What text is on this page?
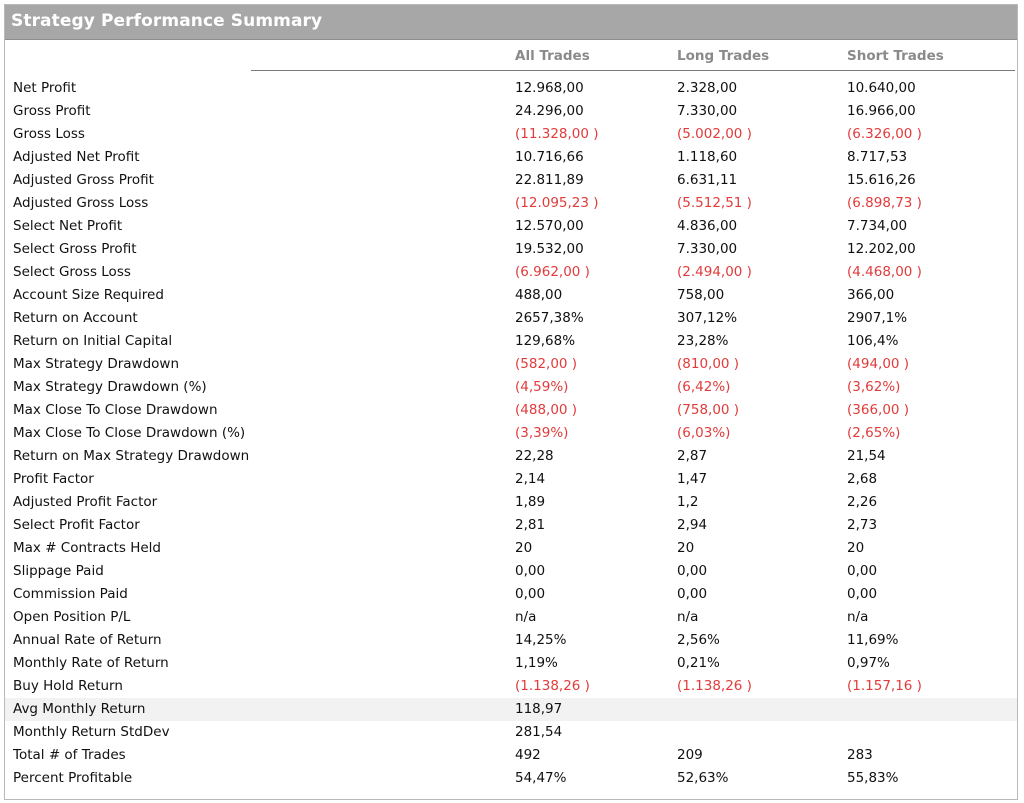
Strategy Performance Summary
All Trades	Long Trades	Short Trades
Net Profit	12.968,00	2.328,00	10.640,00
Gross Profit	24.296,00	7.330,00	16.966,00
Gross Loss	(11.328,00 )	(5.002,00 )	(6.326,00 )
Adjusted Net Profit	10.716,66	1.118,60	8.717,53
Adjusted Gross Profit	22.811,89	6.631,11	15.616,26
Adjusted Gross Loss	(12.095,23 )	(5.512,51 )	(6.898,73 )
Select Net Profit	12.570,00	4.836,00	7.734,00
Select Gross Profit	19.532,00	7.330,00	12.202,00
Select Gross Loss	(6.962,00 )	(2.494,00 )	(4.468,00 )
Account Size Required	488,00	758,00	366,00
Return on Account	2657,38%	307,12%	2907,1%
Return on Initial Capital	129,68%	23,28%	106,4%
Max Strategy Drawdown	(582,00 )	(810,00 )	(494,00 )
Max Strategy Drawdown (%)	(4,59%)	(6,42%)	(3,62%)
Max Close To Close Drawdown	(488,00 )	(758,00 )	(366,00 )
Max Close To Close Drawdown (%)	(3,39%)	(6,03%)	(2,65%)
Return on Max Strategy Drawdown	22,28	2,87	21,54
Profit Factor	2,14	1,47	2,68
Adjusted Profit Factor	1,89	1,2	2,26
Select Profit Factor	2,81	2,94	2,73
Max # Contracts Held	20	20	20
Slippage Paid	0,00	0,00	0,00
Commission Paid	0,00	0,00	0,00
Open Position P/L	n/a	n/a	n/a
Annual Rate of Return	14,25%	2,56%	11,69%
Monthly Rate of Return	1,19%	0,21%	0,97%
Buy Hold Return	(1.138,26 )	(1.138,26 )	(1.157,16 )
Avg Monthly Return	118,97
Monthly Return StdDev	281,54
Total # of Trades	492	209	283
Percent Profitable	54,47%	52,63%	55,83%
